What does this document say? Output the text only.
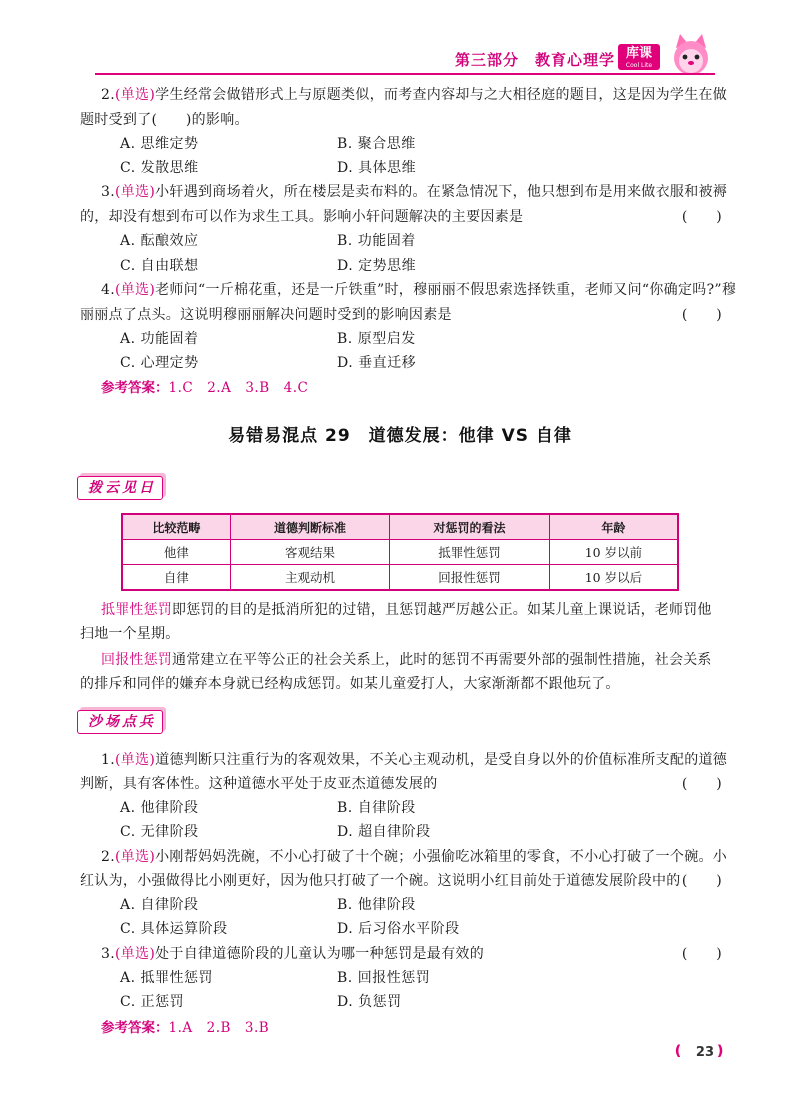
第三部分　教育心理学 库课
Cool Lite
2.(单选)学生经常会做错形式上与原题类似，而考查内容却与之大相径庭的题目，这是因为学生在做
题时受到了(　　)的影响。
A. 思维定势	B. 聚合思维
C. 发散思维	D. 具体思维
3.(单选)小轩遇到商场着火，所在楼层是卖布料的。在紧急情况下，他只想到布是用来做衣服和被褥
的，却没有想到布可以作为求生工具。影响小轩问题解决的主要因素是	(　　)
A. 酝酿效应	B. 功能固着
C. 自由联想	D. 定势思维
4.(单选)老师问“一斤棉花重，还是一斤铁重”时，穆丽丽不假思索选择铁重，老师又问“你确定吗?”穆
丽丽点了点头。这说明穆丽丽解决问题时受到的影响因素是	(　　)
A. 功能固着	B. 原型启发
C. 心理定势	D. 垂直迁移
参考答案：1.C　2.A　3.B　4.C
易错易混点 29　道德发展：他律 VS 自律
拨云见日
比较范畴	道德判断标准	对惩罚的看法	年龄
他律	客观结果	抵罪性惩罚	10 岁以前
自律	主观动机	回报性惩罚	10 岁以后
抵罪性惩罚即惩罚的目的是抵消所犯的过错，且惩罚越严厉越公正。如某儿童上课说话，老师罚他
扫地一个星期。
回报性惩罚通常建立在平等公正的社会关系上，此时的惩罚不再需要外部的强制性措施，社会关系
的排斥和同伴的嫌弃本身就已经构成惩罚。如某儿童爱打人，大家渐渐都不跟他玩了。
沙场点兵
1.(单选)道德判断只注重行为的客观效果，不关心主观动机，是受自身以外的价值标准所支配的道德
判断，具有客体性。这种道德水平处于皮亚杰道德发展的	(　　)
A. 他律阶段	B. 自律阶段
C. 无律阶段	D. 超自律阶段
2.(单选)小刚帮妈妈洗碗，不小心打破了十个碗；小强偷吃冰箱里的零食，不小心打破了一个碗。小
红认为，小强做得比小刚更好，因为他只打破了一个碗。这说明小红目前处于道德发展阶段中的 (　　)
A. 自律阶段	B. 他律阶段
C. 具体运算阶段	D. 后习俗水平阶段
3.(单选)处于自律道德阶段的儿童认为哪一种惩罚是最有效的	(　　)
A. 抵罪性惩罚	B. 回报性惩罚
C. 正惩罚	D. 负惩罚
参考答案：1.A　2.B　3.B
❪ 23 ❫
